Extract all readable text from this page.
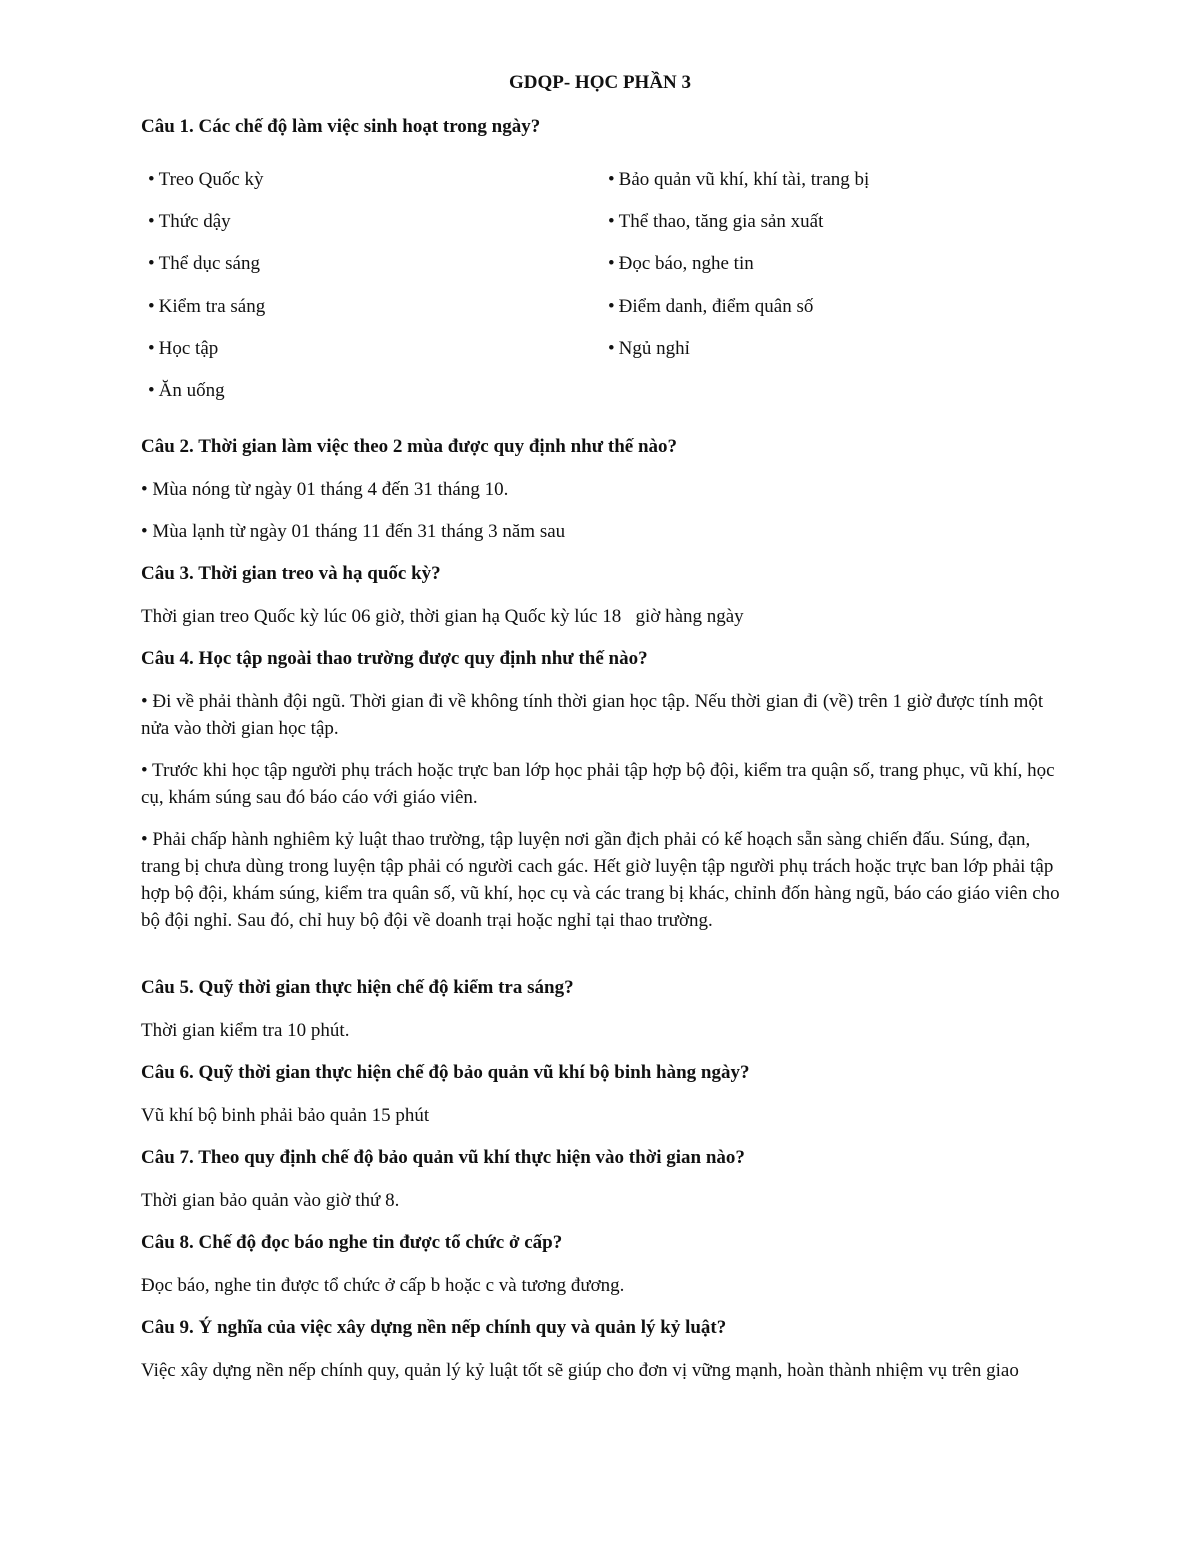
GDQP- HỌC PHẦN 3
Câu 1. Các chế độ làm việc sinh hoạt trong ngày?
• Treo Quốc kỳ
• Thức dậy
• Thể dục sáng
• Kiểm tra sáng
• Học tập
• Ăn uống
• Bảo quản vũ khí, khí tài, trang bị
• Thể thao, tăng gia sản xuất
• Đọc báo, nghe tin
• Điểm danh, điểm quân số
• Ngủ nghỉ
Câu 2. Thời gian làm việc theo 2 mùa được quy định như thế nào?
• Mùa nóng từ ngày 01 tháng 4 đến 31 tháng 10.
• Mùa lạnh từ ngày 01 tháng 11 đến 31 tháng 3 năm sau
Câu 3. Thời gian treo và hạ quốc kỳ?
Thời gian treo Quốc kỳ lúc 06 giờ, thời gian hạ Quốc kỳ lúc 18   giờ hàng ngày
Câu 4. Học tập ngoài thao trường được quy định như thế nào?
• Đi về phải thành đội ngũ. Thời gian đi về không tính thời gian học tập. Nếu thời gian đi (về) trên 1 giờ được tính một nửa vào thời gian học tập.
• Trước khi học tập người phụ trách hoặc trực ban lớp học phải tập hợp bộ đội, kiểm tra quận số, trang phục, vũ khí, học cụ, khám súng sau đó báo cáo với giáo viên.
• Phải chấp hành nghiêm kỷ luật thao trường, tập luyện nơi gần địch phải có kế hoạch sẵn sàng chiến đấu. Súng, đạn, trang bị chưa dùng trong luyện tập phải có người cach gác. Hết giờ luyện tập người phụ trách hoặc trực ban lớp phải tập hợp bộ đội, khám súng, kiểm tra quân số, vũ khí, học cụ và các trang bị khác, chỉnh đốn hàng ngũ, báo cáo giáo viên cho bộ đội nghỉ. Sau đó, chỉ huy bộ đội về doanh trại hoặc nghỉ tại thao trường.
Câu 5. Quỹ thời gian thực hiện chế độ kiểm tra sáng?
Thời gian kiểm tra 10 phút.
Câu 6. Quỹ thời gian thực hiện chế độ bảo quản vũ khí bộ binh hàng ngày?
Vũ khí bộ binh phải bảo quản 15 phút
Câu 7. Theo quy định chế độ bảo quản vũ khí thực hiện vào thời gian nào?
Thời gian bảo quản vào giờ thứ 8.
Câu 8. Chế độ đọc báo nghe tin được tổ chức ở cấp?
Đọc báo, nghe tin được tổ chức ở cấp b hoặc c và tương đương.
Câu 9. Ý nghĩa của việc xây dựng nền nếp chính quy và quản lý kỷ luật?
Việc xây dựng nền nếp chính quy, quản lý kỷ luật tốt sẽ giúp cho đơn vị vững mạnh, hoàn thành nhiệm vụ trên giao
